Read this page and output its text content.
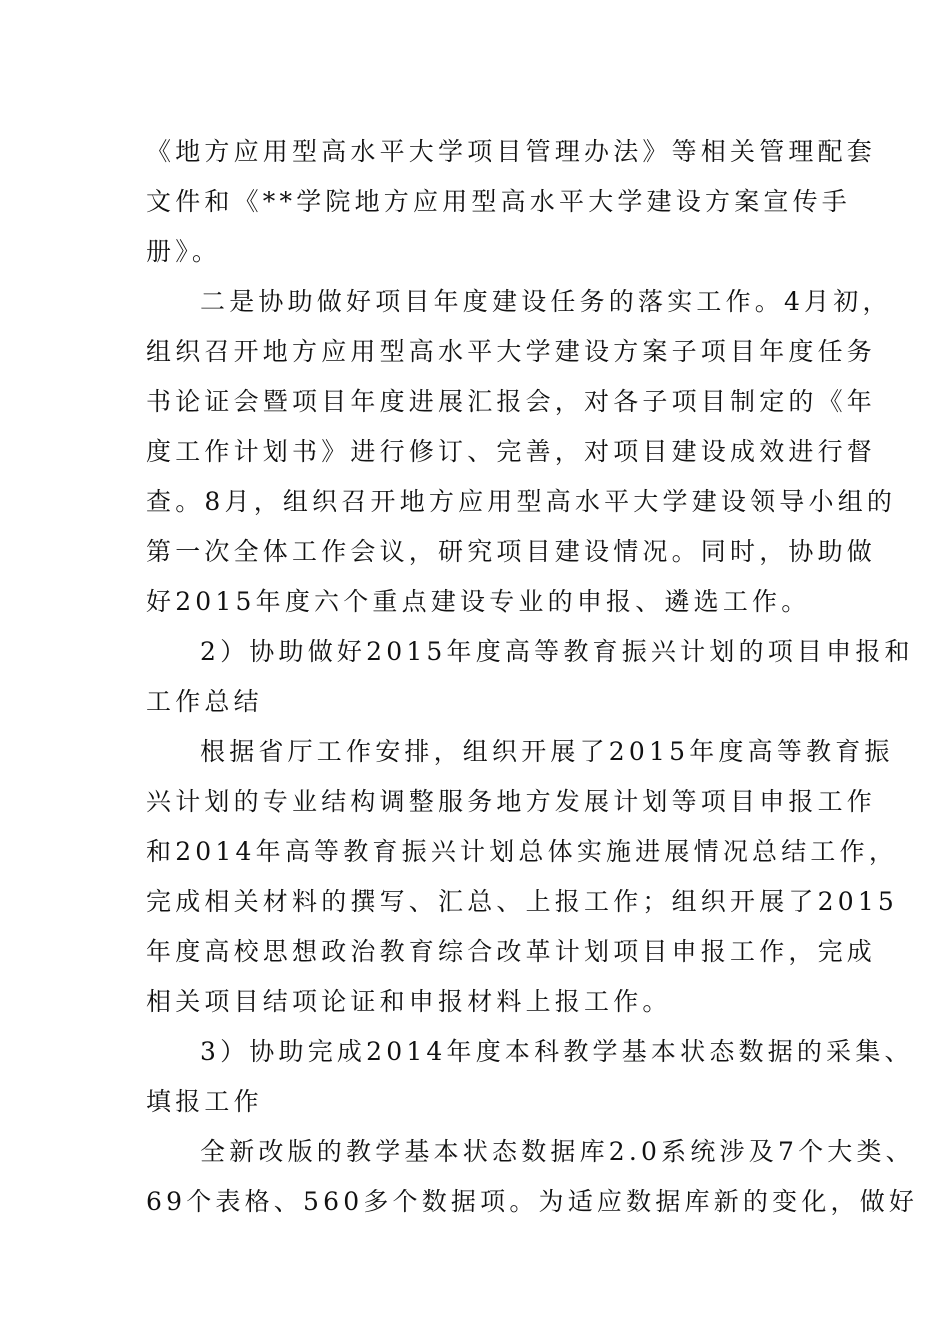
《地方应用型高水平大学项目管理办法》等相关管理配套
文件和《**学院地方应用型高水平大学建设方案宣传手
册》。
二是协助做好项目年度建设任务的落实工作。4月初，
组织召开地方应用型高水平大学建设方案子项目年度任务
书论证会暨项目年度进展汇报会，对各子项目制定的《年
度工作计划书》进行修订、完善，对项目建设成效进行督
查。8月，组织召开地方应用型高水平大学建设领导小组的
第一次全体工作会议，研究项目建设情况。同时，协助做
好2015年度六个重点建设专业的申报、遴选工作。
2）协助做好2015年度高等教育振兴计划的项目申报和
工作总结
根据省厅工作安排，组织开展了2015年度高等教育振
兴计划的专业结构调整服务地方发展计划等项目申报工作
和2014年高等教育振兴计划总体实施进展情况总结工作，
完成相关材料的撰写、汇总、上报工作；组织开展了2015
年度高校思想政治教育综合改革计划项目申报工作，完成
相关项目结项论证和申报材料上报工作。
3）协助完成2014年度本科教学基本状态数据的采集、
填报工作
全新改版的教学基本状态数据库2.0系统涉及7个大类、
69个表格、560多个数据项。为适应数据库新的变化，做好
